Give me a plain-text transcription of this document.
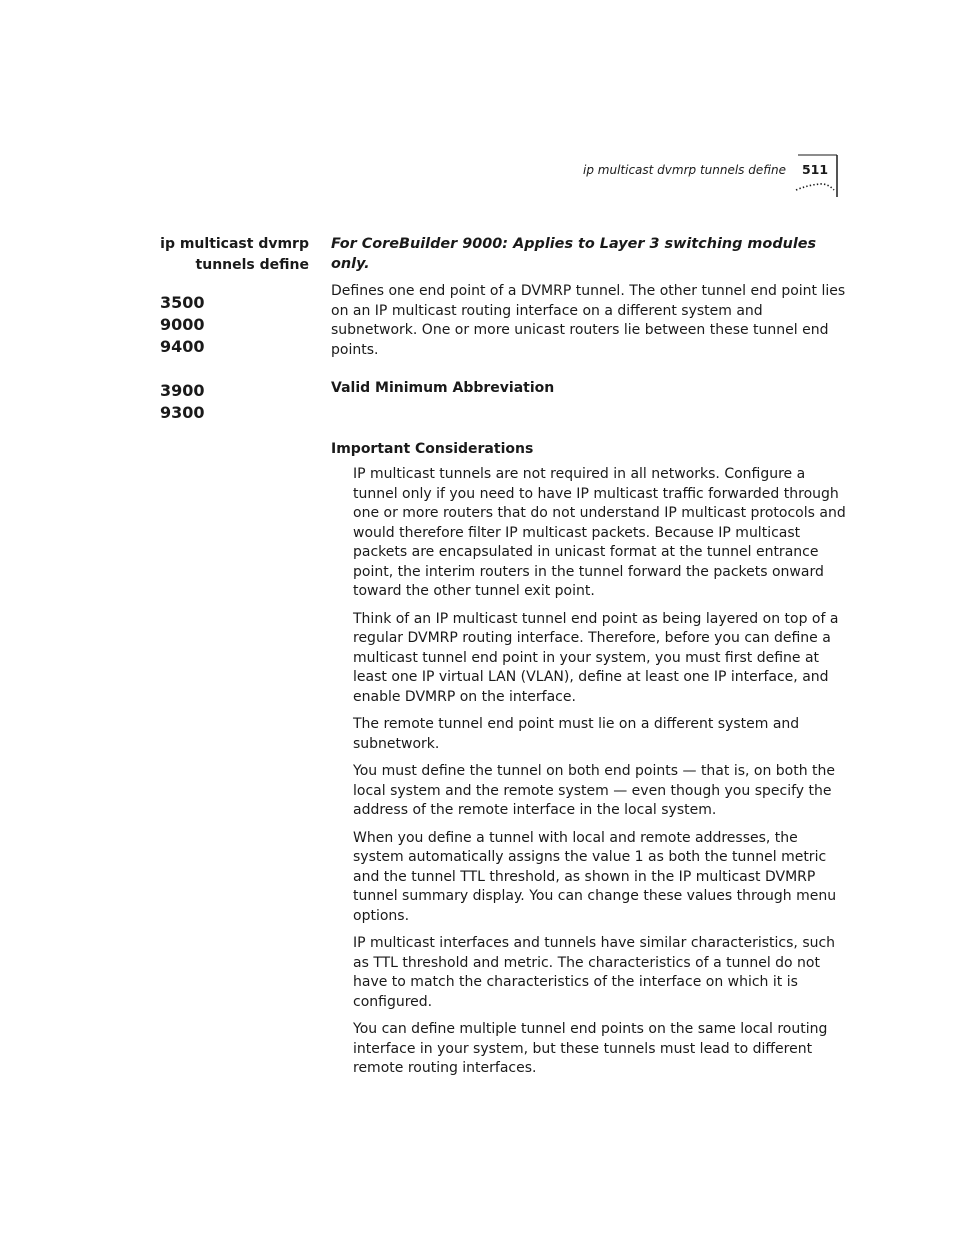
ip multicast dvmrp tunnels define	511
ip multicast dvmrp
tunnels define
3500
9000
9400
3900
9300

For CoreBuilder 9000: Applies to Layer 3 switching modules only.

Defines one end point of a DVMRP tunnel. The other tunnel end point lies on an IP multicast routing interface on a different system and subnetwork. One or more unicast routers lie between these tunnel end points.

Valid Minimum Abbreviation

Important Considerations

IP multicast tunnels are not required in all networks. Configure a tunnel only if you need to have IP multicast traffic forwarded through one or more routers that do not understand IP multicast protocols and would therefore filter IP multicast packets. Because IP multicast packets are encapsulated in unicast format at the tunnel entrance point, the interim routers in the tunnel forward the packets onward toward the other tunnel exit point.

Think of an IP multicast tunnel end point as being layered on top of a regular DVMRP routing interface. Therefore, before you can define a multicast tunnel end point in your system, you must first define at least one IP virtual LAN (VLAN), define at least one IP interface, and enable DVMRP on the interface.

The remote tunnel end point must lie on a different system and subnetwork.

You must define the tunnel on both end points — that is, on both the local system and the remote system — even though you specify the address of the remote interface in the local system.

When you define a tunnel with local and remote addresses, the system automatically assigns the value 1 as both the tunnel metric and the tunnel TTL threshold, as shown in the IP multicast DVMRP tunnel summary display. You can change these values through menu options.

IP multicast interfaces and tunnels have similar characteristics, such as TTL threshold and metric. The characteristics of a tunnel do not have to match the characteristics of the interface on which it is configured.

You can define multiple tunnel end points on the same local routing interface in your system, but these tunnels must lead to different remote routing interfaces.
